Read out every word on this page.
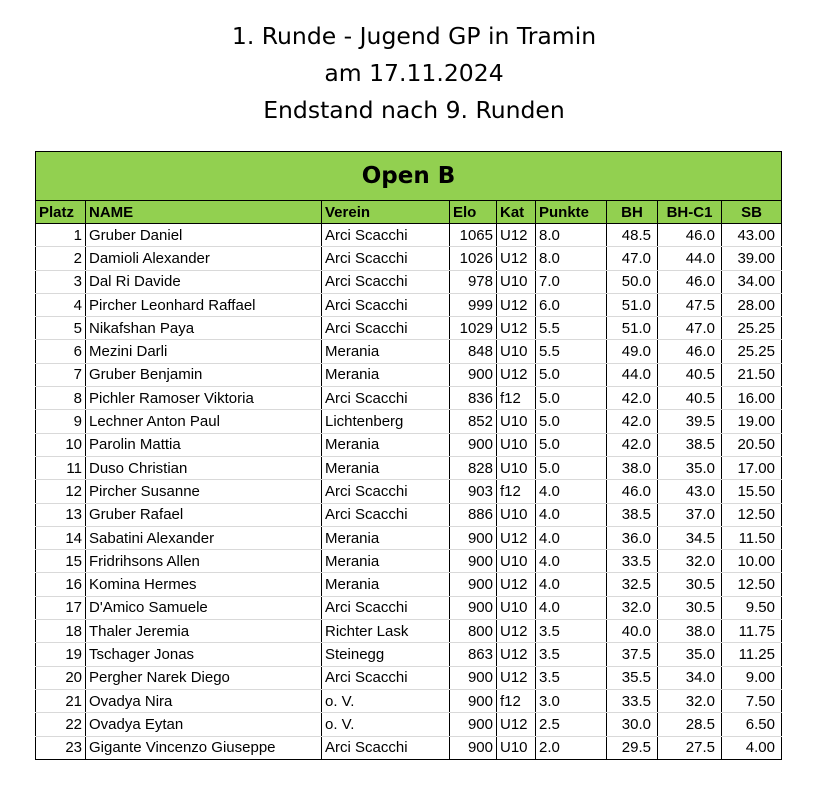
1. Runde - Jugend GP in Tramin
am 17.11.2024
Endstand nach 9. Runden
Open B								
Platz	NAME	Verein	Elo	Kat	Punkte	BH	BH-C1	SB
1	Gruber Daniel	Arci Scacchi	1065	U12	8.0	48.5	46.0	43.00
2	Damioli Alexander	Arci Scacchi	1026	U12	8.0	47.0	44.0	39.00
3	Dal Ri Davide	Arci Scacchi	978	U10	7.0	50.0	46.0	34.00
4	Pircher Leonhard Raffael	Arci Scacchi	999	U12	6.0	51.0	47.5	28.00
5	Nikafshan Paya	Arci Scacchi	1029	U12	5.5	51.0	47.0	25.25
6	Mezini Darli	Merania	848	U10	5.5	49.0	46.0	25.25
7	Gruber Benjamin	Merania	900	U12	5.0	44.0	40.5	21.50
8	Pichler Ramoser Viktoria	Arci Scacchi	836	f12	5.0	42.0	40.5	16.00
9	Lechner Anton Paul	Lichtenberg	852	U10	5.0	42.0	39.5	19.00
10	Parolin Mattia	Merania	900	U10	5.0	42.0	38.5	20.50
11	Duso Christian	Merania	828	U10	5.0	38.0	35.0	17.00
12	Pircher Susanne	Arci Scacchi	903	f12	4.0	46.0	43.0	15.50
13	Gruber Rafael	Arci Scacchi	886	U10	4.0	38.5	37.0	12.50
14	Sabatini Alexander	Merania	900	U12	4.0	36.0	34.5	11.50
15	Fridrihsons Allen	Merania	900	U10	4.0	33.5	32.0	10.00
16	Komina Hermes	Merania	900	U12	4.0	32.5	30.5	12.50
17	D'Amico Samuele	Arci Scacchi	900	U10	4.0	32.0	30.5	9.50
18	Thaler Jeremia	Richter Lask	800	U12	3.5	40.0	38.0	11.75
19	Tschager Jonas	Steinegg	863	U12	3.5	37.5	35.0	11.25
20	Pergher Narek Diego	Arci Scacchi	900	U12	3.5	35.5	34.0	9.00
21	Ovadya Nira	o. V.	900	f12	3.0	33.5	32.0	7.50
22	Ovadya Eytan	o. V.	900	U12	2.5	30.0	28.5	6.50
23	Gigante Vincenzo Giuseppe	Arci Scacchi	900	U10	2.0	29.5	27.5	4.00
